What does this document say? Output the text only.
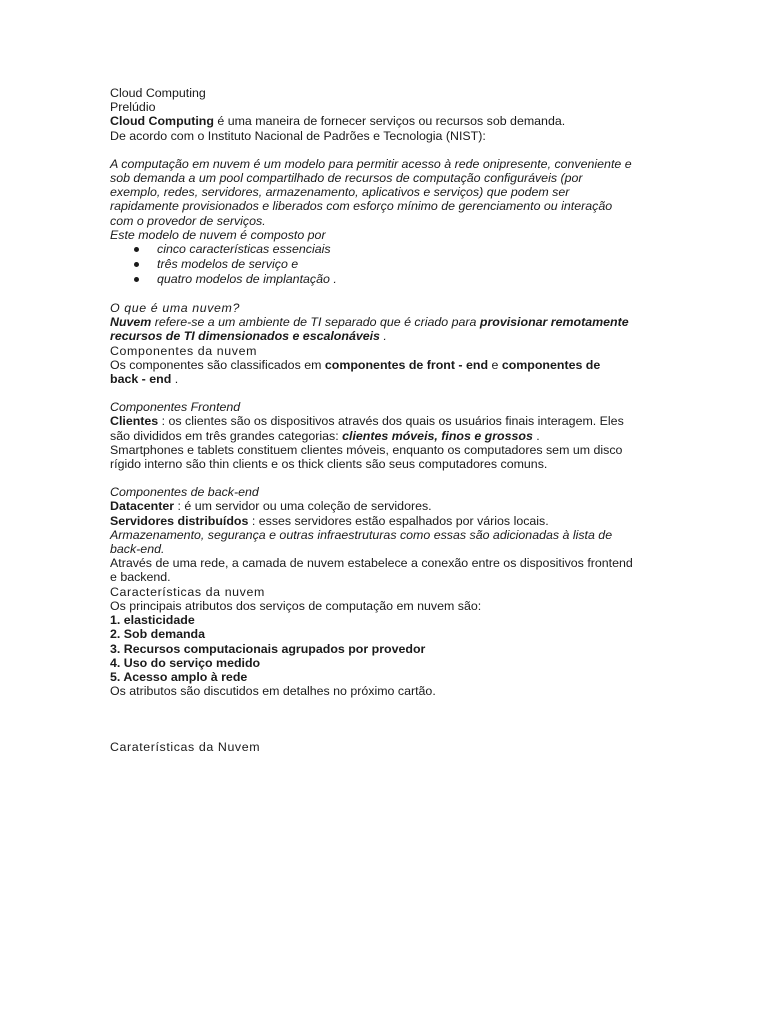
Cloud Computing
Prelúdio
Cloud Computing é uma maneira de fornecer serviços ou recursos sob demanda.
De acordo com o Instituto Nacional de Padrões e Tecnologia (NIST):
A computação em nuvem é um modelo para permitir acesso à rede onipresente, conveniente e
sob demanda a um pool compartilhado de recursos de computação configuráveis (por
exemplo, redes, servidores, armazenamento, aplicativos e serviços) que podem ser
rapidamente provisionados e liberados com esforço mínimo de gerenciamento ou interação
com o provedor de serviços.
Este modelo de nuvem é composto por
cinco características essenciais
três modelos de serviço e
quatro modelos de implantação .
O que é uma nuvem?
Nuvem refere-se a um ambiente de TI separado que é criado para provisionar remotamente
recursos de TI dimensionados e escalonáveis .
Componentes da nuvem
Os componentes são classificados em componentes de front - end e componentes de
back - end .
Componentes Frontend
Clientes : os clientes são os dispositivos através dos quais os usuários finais interagem. Eles
são divididos em três grandes categorias: clientes móveis, finos e grossos .
Smartphones e tablets constituem clientes móveis, enquanto os computadores sem um disco
rígido interno são thin clients e os thick clients são seus computadores comuns.
Componentes de back-end
Datacenter : é um servidor ou uma coleção de servidores.
Servidores distribuídos : esses servidores estão espalhados por vários locais.
Armazenamento, segurança e outras infraestruturas como essas são adicionadas à lista de
back-end.
Através de uma rede, a camada de nuvem estabelece a conexão entre os dispositivos frontend
e backend.
Características da nuvem
Os principais atributos dos serviços de computação em nuvem são:
1. elasticidade
2. Sob demanda
3. Recursos computacionais agrupados por provedor
4. Uso do serviço medido
5. Acesso amplo à rede
Os atributos são discutidos em detalhes no próximo cartão.
Caraterísticas da Nuvem
